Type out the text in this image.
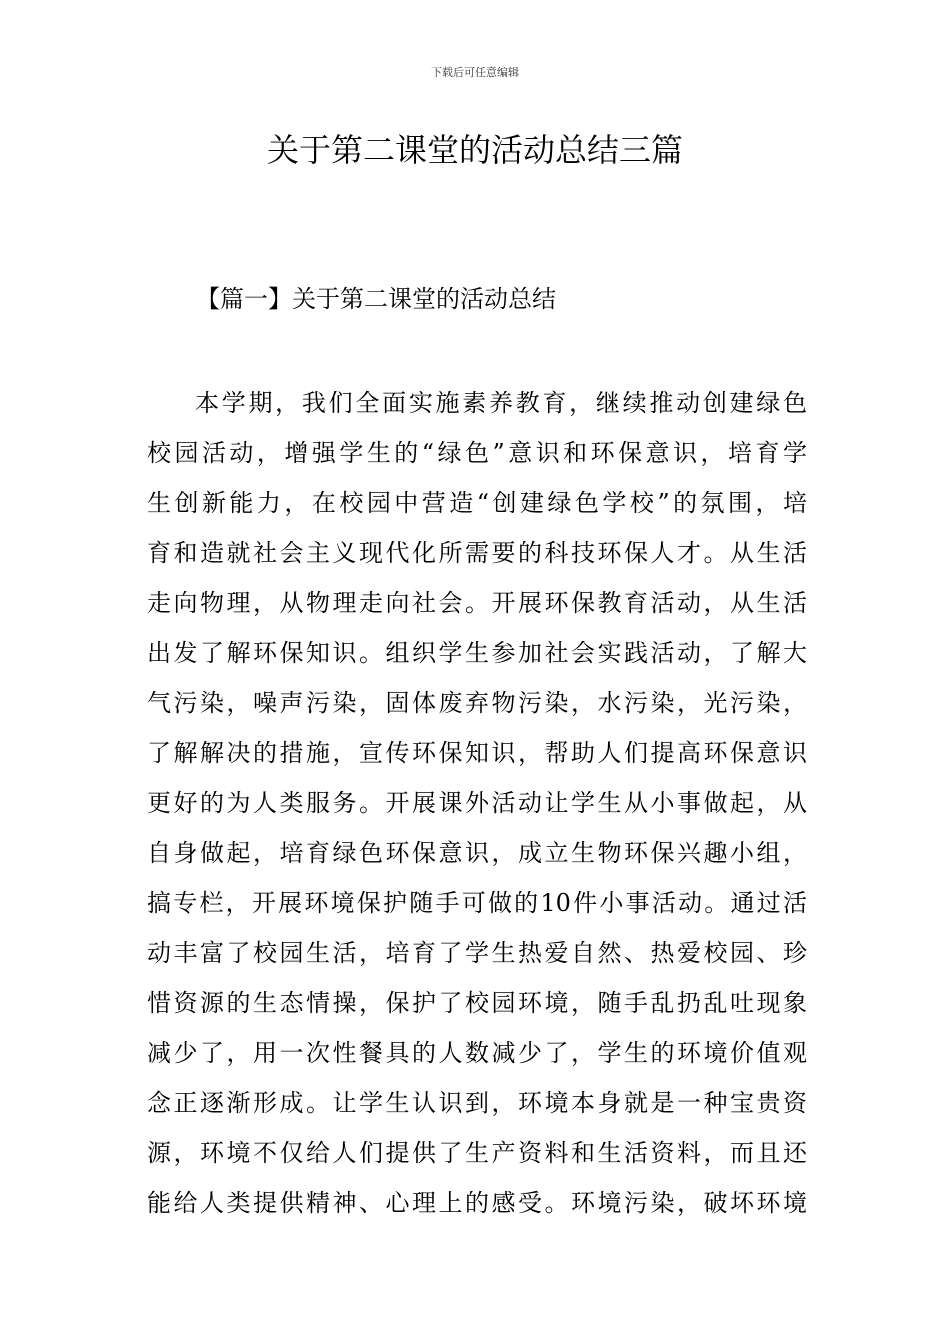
下载后可任意编辑
关于第二课堂的活动总结三篇
【篇一】关于第二课堂的活动总结
本学期，我们全面实施素养教育，继续推动创建绿色
校园活动，增强学生的“绿色”意识和环保意识，培育学
生创新能力，在校园中营造“创建绿色学校”的氛围，培
育和造就社会主义现代化所需要的科技环保人才。从生活
走向物理，从物理走向社会。开展环保教育活动，从生活
出发了解环保知识。组织学生参加社会实践活动，了解大
气污染，噪声污染，固体废弃物污染，水污染，光污染，
了解解决的措施，宣传环保知识，帮助人们提高环保意识
更好的为人类服务。开展课外活动让学生从小事做起，从
自身做起，培育绿色环保意识，成立生物环保兴趣小组，
搞专栏，开展环境保护随手可做的10件小事活动。通过活
动丰富了校园生活，培育了学生热爱自然、热爱校园、珍
惜资源的生态情操，保护了校园环境，随手乱扔乱吐现象
减少了，用一次性餐具的人数减少了，学生的环境价值观
念正逐渐形成。让学生认识到，环境本身就是一种宝贵资
源，环境不仅给人们提供了生产资料和生活资料，而且还
能给人类提供精神、心理上的感受。环境污染，破坏环境
